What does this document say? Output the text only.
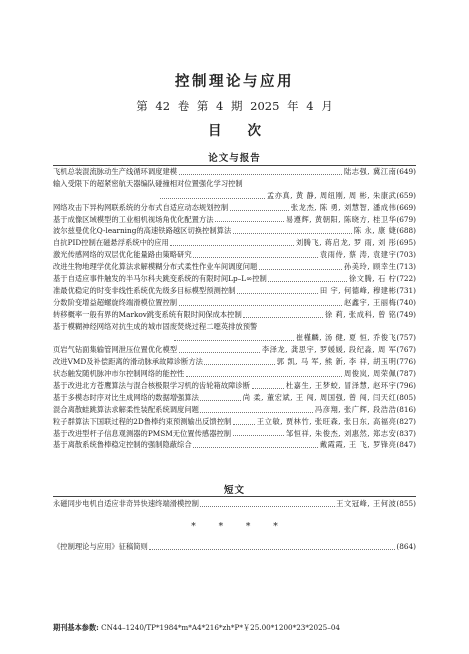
控制理论与应用
第 42 卷 第 4 期 2025 年 4 月
目次
论文与报告
飞机总装混流脉动生产线循环调度建模	陆志强, 冀江南 (649)
输入受限下的超紧密航天器编队碰撞相对位置强化学习控制
孟亦真, 黄 静, 周纽刚, 周 彬, 朱康武 (659)
网络攻击下异构网联系统的分布式自适应动态规划控制	张龙杰, 陈 勇, 刘慧智, 潘成伟 (669)
基于成像区域模型的工业相机视场角优化配置方法	易遵辉, 黄朝阳, 陈晓方, 桂卫华 (679)
波尔兹曼优化Q-learning的高速铁路越区切换控制算法	陈 永, 康 婕 (688)
自抗PID控制在磁悬浮系统中的应用	刘腾飞, 蒋启龙, 罗 雨, 刘 彤 (695)
激光传感网络的双层优化能量路由策略研究	袁雨侍, 蔡 涛, 袁建宇 (703)
改进生物地理学优化算法求解模糊分布式柔性作业车间调度问题	孙美玲, 顾幸生 (713)
基于自适应事件触发的半马尔科夫跳变系统的有限时间Lp–L∞控制	徐文腾, 石 柠 (722)
准最优稳定的时变非线性系统优先级多目标模型预测控制	田 宇, 何德峰, 穆建彬 (731)
分数阶变增益超螺旋终端滑模位置控制	赵鑫宇, 王丽梅 (740)
转移概率一般有界的Markov跳变系统有限时间保成本控制	徐 莉, 张成科, 曾 铭 (749)
基于模糊神经网络对抗生成的城市固废焚烧过程二噁英排放预警
崔槿麟, 汤 健, 夏 恒, 乔俊飞 (757)
页岩气钻面集输管网泄压位置优化模型	李泽龙, 龚思宇, 罗媛媛, 段纪淼, 周 军 (767)
改进VMD及补偿距离的滑动脉承故障诊断方法	郭 凯, 马 军, 熊 新, 李 祥, 胡玉明 (776)
状态触发随机脉冲市尔控制网络的能控性	周俊岚, 周荣佩 (787)
基于改进北方苍鹰算法与混合核极限学习机的齿轮箱故障诊断	杜嘉生, 王梦蛟, 冒泽慧, 赵环宇 (796)
基于多模态时序对比生成网络的数据增强算法	尚 柔, 董宏斌, 王 闯, 周国强, 曾 闯, 闫天红 (805)
混合离散蛙跳算法求解柔性装配系统调度问题	冯彦翔, 张广辉, 段浩浩 (816)
粒子群算法下国联过程的2D鲁棒约束预测输出反馈控制	王立敏, 贾林竹, 张旺森, 张日东, 高福亮 (827)
基于改进型杆子信息观测器的PMSM无位置传感器控制	邹恒祥, 朱俊杰, 刘惠然, 郑志安 (837)
基于离散系统鲁棒稳定控制的强制隐蔽综合	戴霞霞, 王 飞, 罗锋亮 (847)
短文
永磁同步电机自适应非奇异快速终端滑模控制	王文冠峰, 王何波 (855)
* * * *
《控制理论与应用》征稿简则	(864)
期刊基本参数: CN44–1240/TP*1984*m*A4*216*zh*P*￥25.00*1200*23*2025–04
